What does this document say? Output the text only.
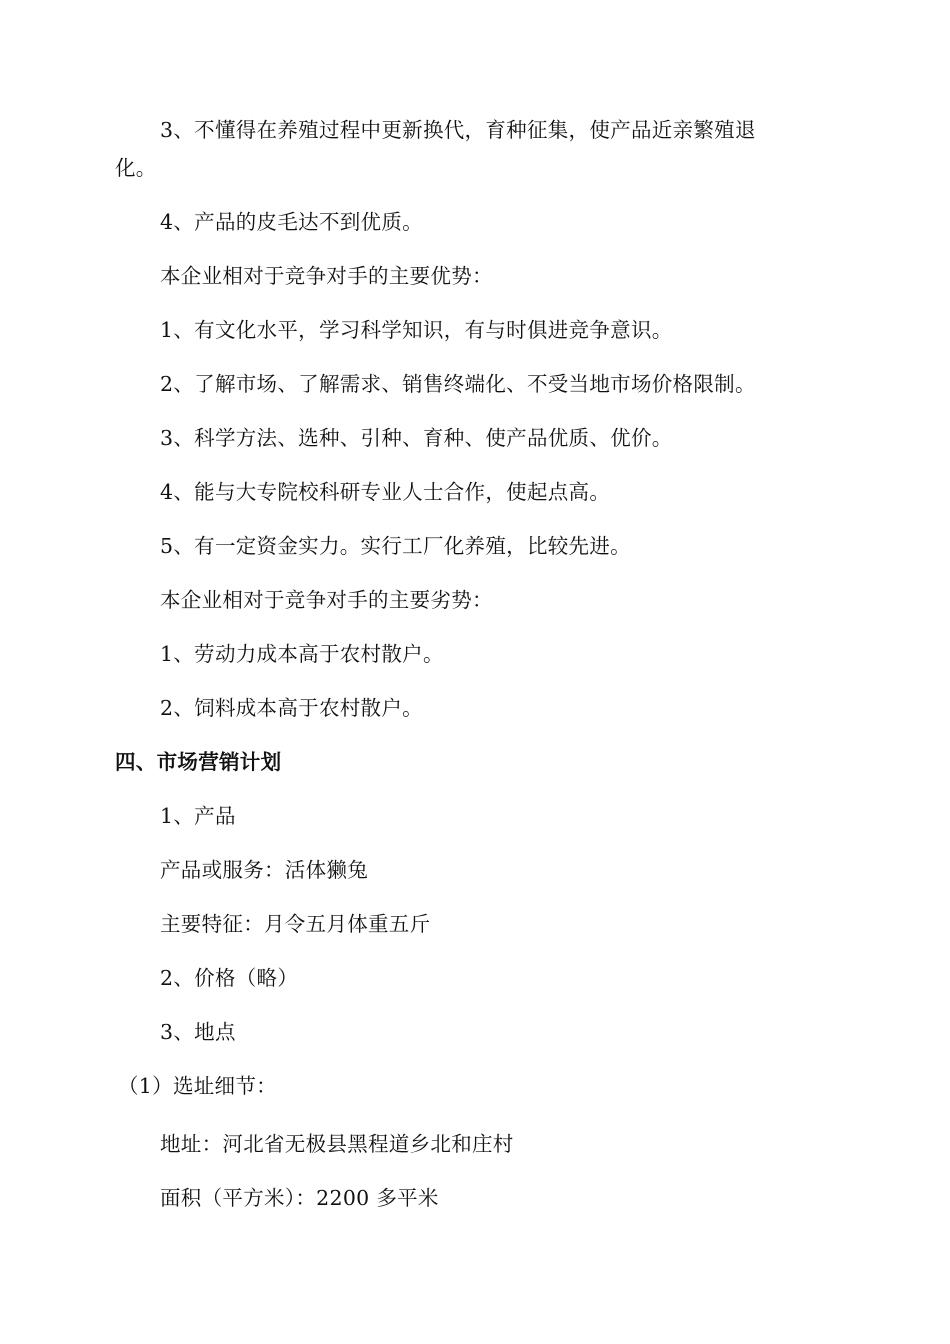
3、不懂得在养殖过程中更新换代，育种征集，使产品近亲繁殖退
化。
4、产品的皮毛达不到优质。
本企业相对于竞争对手的主要优势：
1、有文化水平，学习科学知识，有与时俱进竞争意识。
2、了解市场、了解需求、销售终端化、不受当地市场价格限制。
3、科学方法、选种、引种、育种、使产品优质、优价。
4、能与大专院校科研专业人士合作，使起点高。
5、有一定资金实力。实行工厂化养殖，比较先进。
本企业相对于竞争对手的主要劣势：
1、劳动力成本高于农村散户。
2、饲料成本高于农村散户。
四、市场营销计划
1、产品
产品或服务：活体獭兔
主要特征：月令五月体重五斤
2、价格（略）
3、地点
（1）选址细节：
地址：河北省无极县黑程道乡北和庄村
面积（平方米）：2200 多平米
